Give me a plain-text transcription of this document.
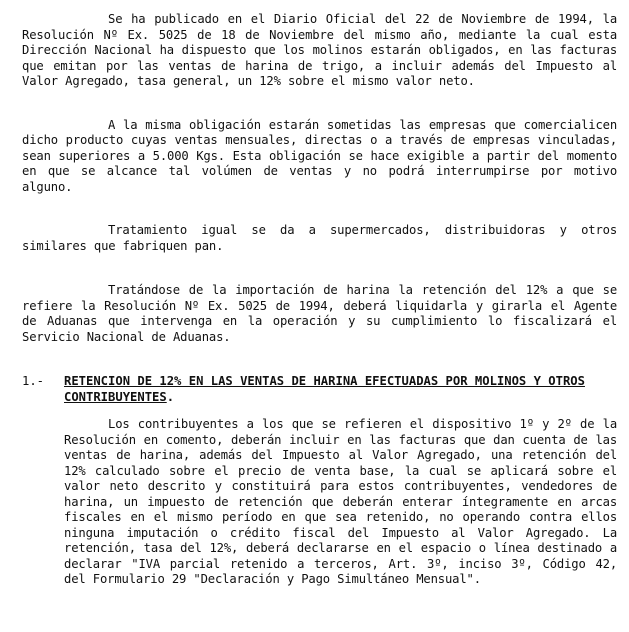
Se ha publicado en el Diario Oficial del 22 de Noviembre de 1994, la Resolución Nº Ex. 5025 de 18 de Noviembre del mismo año, mediante la cual esta Dirección Nacional ha dispuesto que los molinos estarán obligados, en las facturas que emitan por las ventas de harina de trigo, a incluir además del Impuesto al Valor Agregado, tasa general, un 12% sobre el mismo valor neto.

A la misma obligación estarán sometidas las empresas que comercialicen dicho producto cuyas ventas mensuales, directas o a través de empresas vinculadas, sean superiores a 5.000 Kgs. Esta obligación se hace exigible a partir del momento en que se alcance tal volúmen de ventas y no podrá interrumpirse por motivo alguno.

Tratamiento igual se da a supermercados, distribuidoras y otros similares que fabriquen pan.

Tratándose de la importación de harina la retención del 12% a que se refiere la Resolución Nº Ex. 5025 de 1994, deberá liquidarla y girarla el Agente de Aduanas que intervenga en la operación y su cumplimiento lo fiscalizará el Servicio Nacional de Aduanas.

1.-	RETENCION DE 12% EN LAS VENTAS DE HARINA EFECTUADAS POR MOLINOS Y OTROS CONTRIBUYENTES.

Los contribuyentes a los que se refieren el dispositivo 1º y 2º de la Resolución en comento, deberán incluir en las facturas que dan cuenta de las ventas de harina, además del Impuesto al Valor Agregado, una retención del 12% calculado sobre el precio de venta base, la cual se aplicará sobre el valor neto descrito y constituirá para estos contribuyentes, vendedores de harina, un impuesto de retención que deberán enterar íntegramente en arcas fiscales en el mismo período en que sea retenido, no operando contra ellos ninguna imputación o crédito fiscal del Impuesto al Valor Agregado. La retención, tasa del 12%, deberá declararse en el espacio o línea destinado a declarar "IVA parcial retenido a terceros, Art. 3º, inciso 3º, Código 42, del Formulario 29 "Declaración y Pago Simultáneo Mensual".
